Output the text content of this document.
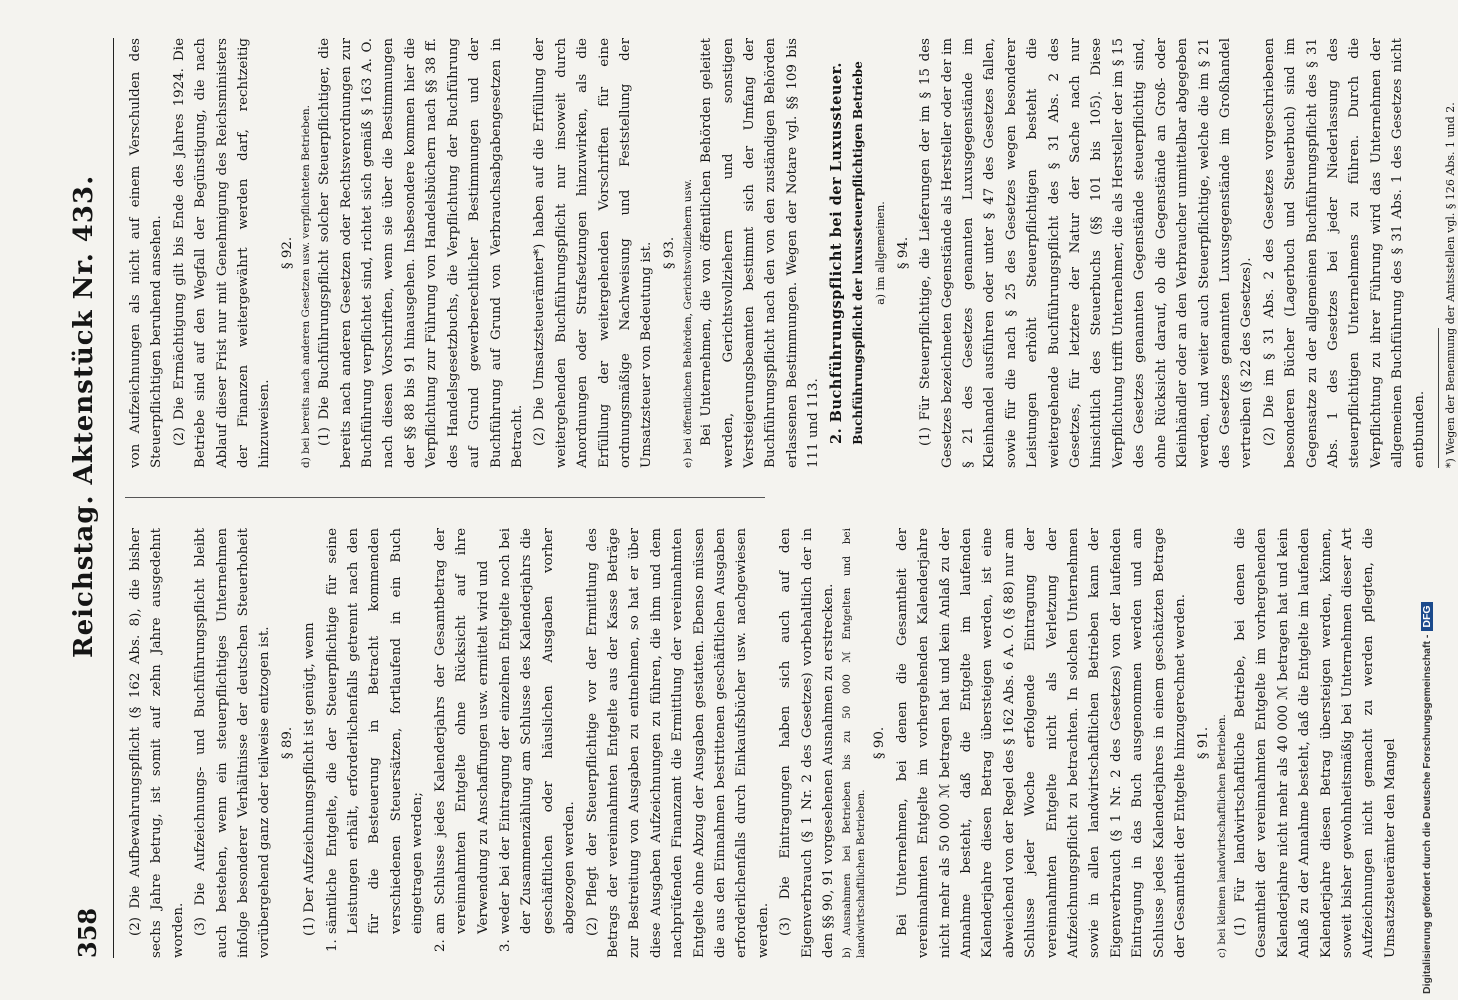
358
Reichstag. Aktenstück Nr. 433.

(2) Die Aufbewahrungspflicht (§ 162 Abs. 8), die bisher sechs Jahre betrug, ist somit auf zehn Jahre ausgedehnt worden. (3) Die Aufzeichnungs- und Buchführungspflicht bleibt auch bestehen, wenn ein steuerpflichtiges Unternehmen infolge besonderer Verhältnisse der deutschen Steuerhoheit vorübergehend ganz oder teilweise entzogen ist. § 89. (1) Der Aufzeichnungspflicht ist genügt, wenn

1.
sämtliche Entgelte, die der Steuerpflichtige für seine Leistungen erhält, erforderlichenfalls getrennt nach den für die Besteuerung in Betracht kommenden verschiedenen Steuersätzen, fortlaufend in ein Buch eingetragen werden;

2.
am Schlusse jedes Kalenderjahrs der Gesamtbetrag der vereinnahmten Entgelte ohne Rücksicht auf ihre Verwendung zu Anschaffungen usw. ermittelt wird und

3.
weder bei der Eintragung der einzelnen Entgelte noch bei der Zusammenzählung am Schlusse des Kalenderjahrs die geschäftlichen oder häuslichen Ausgaben vorher abgezogen werden. (2) Pflegt der Steuerpflichtige vor der Ermittlung des Betrags der vereinnahmten Entgelte aus der Kasse Beträge zur Bestreitung von Ausgaben zu entnehmen, so hat er über diese Ausgaben Aufzeichnungen zu führen, die ihm und dem nachprüfenden Finanzamt die Ermittlung der vereinnahmten Entgelte ohne Abzug der Ausgaben gestatten. Ebenso müssen die aus den Einnahmen bestrittenen geschäftlichen Ausgaben erforderlichenfalls durch Einkaufsbücher usw. nachgewiesen werden. (3) Die Eintragungen haben sich auch auf den Eigenverbrauch (§ 1 Nr. 2 des Gesetzes) vorbehaltlich der in den §§ 90, 91 vorgesehenen Ausnahmen zu erstrecken. b) Ausnahmen bei Betrieben bis zu 50 000 ℳ Entgelten und bei landwirtschaftlichen Betrieben.

§ 90. Bei Unternehmen, bei denen die Gesamtheit der vereinnahmten Entgelte im vorhergehenden Kalenderjahre nicht mehr als 50 000 ℳ betragen hat und kein Anlaß zu der Annahme besteht, daß die Entgelte im laufenden Kalenderjahre diesen Betrag übersteigen werden, ist eine abweichend von der Regel des § 162 Abs. 6 A. O. (§ 88) nur am Schlusse jeder Woche erfolgende Eintragung der vereinnahmten Entgelte nicht als Verletzung der Aufzeichnungspflicht zu betrachten. In solchen Unternehmen sowie in allen landwirtschaftlichen Betrieben kann der Eigenverbrauch (§ 1 Nr. 2 des Gesetzes) von der laufenden Eintragung in das Buch ausgenommen werden und am Schlusse jedes Kalenderjahres in einem geschätzten Betrage der Gesamtheit der Entgelte hinzugerechnet werden. § 91. c) bei kleinen landwirtschaftlichen Betrieben. (1) Für landwirtschaftliche Betriebe, bei denen die Gesamtheit der vereinnahmten Entgelte im vorhergehenden Kalenderjahre nicht mehr als 40 000 ℳ betragen hat und kein Anlaß zu der Annahme besteht, daß die Entgelte im laufenden Kalenderjahre diesen Betrag übersteigen werden, können, soweit bisher gewohnheitsmäßig bei Unternehmen dieser Art Aufzeichnungen nicht gemacht zu werden pflegten, die Umsatzsteuerämter den Mangel

von Aufzeichnungen als nicht auf einem Verschulden des Steuerpflichtigen beruhend ansehen. (2) Die Ermächtigung gilt bis Ende des Jahres 1924. Die Betriebe sind auf den Wegfall der Begünstigung, die nach Ablauf dieser Frist nur mit Genehmigung des Reichsministers der Finanzen weitergewährt werden darf, rechtzeitig hinzuweisen.

§ 92. d) bei bereits nach anderen Gesetzen usw. verpflichteten Betrieben. (1) Die Buchführungspflicht solcher Steuerpflichtiger, die bereits nach anderen Gesetzen oder Rechtsverordnungen zur Buchführung verpflichtet sind, richtet sich gemäß § 163 A. O. nach diesen Vorschriften, wenn sie über die Bestimmungen der §§ 88 bis 91 hinausgehen. Insbesondere kommen hier die Verpflichtung zur Führung von Handelsbüchern nach §§ 38 ff. des Handelsgesetzbuchs, die Verpflichtung der Buchführung auf Grund gewerberechtlicher Bestimmungen und der Buchführung auf Grund von Verbrauchsabgabengesetzen in Betracht. (2) Die Umsatzsteuerämter*) haben auf die Erfüllung der weitergehenden Buchführungspflicht nur insoweit durch Anordnungen oder Strafsetzungen hinzuwirken, als die Erfüllung der weitergehenden Vorschriften für eine ordnungsmäßige Nachweisung und Feststellung der Umsatzsteuer von Bedeutung ist. § 93. e) bei öffentlichen Behörden, Gerichtsvollziehern usw. Bei Unternehmen, die von öffentlichen Behörden geleitet werden, Gerichtsvollziehern und sonstigen Versteigerungsbeamten bestimmt sich der Umfang der Buchführungspflicht nach den von den zuständigen Behörden erlassenen Bestimmungen. Wegen der Notare vgl. §§ 109 bis 111 und 113. 2. Buchführungspflicht bei der Luxussteuer. Buchführungspflicht der luxussteuerpflichtigen Betriebe a) im allgemeinen. § 94. (1) Für Steuerpflichtige, die Lieferungen der im § 15 des Gesetzes bezeichneten Gegenstände als Hersteller oder der im § 21 des Gesetzes genannten Luxusgegenstände im Kleinhandel ausführen oder unter § 47 des Gesetzes fallen, sowie für die nach § 25 des Gesetzes wegen besonderer Leistungen erhöht Steuerpflichtigen besteht die weitergehende Buchführungspflicht des § 31 Abs. 2 des Gesetzes, für letztere der Natur der Sache nach nur hinsichtlich des Steuerbuchs (§§ 101 bis 105). Diese Verpflichtung trifft Unternehmer, die als Hersteller der im § 15 des Gesetzes genannten Gegenstände steuerpflichtig sind, ohne Rücksicht darauf, ob die Gegenstände an Groß- oder Kleinhändler oder an den Verbraucher unmittelbar abgegeben werden, und weiter auch Steuerpflichtige, welche die im § 21 des Gesetzes genannten Luxusgegenstände im Großhandel vertreiben (§ 22 des Gesetzes). (2) Die im § 31 Abs. 2 des Gesetzes vorgeschriebenen besonderen Bücher (Lagerbuch und Steuerbuch) sind im Gegensatze zu der allgemeinen Buchführungspflicht des § 31 Abs. 1 des Gesetzes bei jeder Niederlassung des steuerpflichtigen Unternehmens zu führen. Durch die Verpflichtung zu ihrer Führung wird das Unternehmen der allgemeinen Buchführung des § 31 Abs. 1 des Gesetzes nicht entbunden.	*) Wegen der Benennung der Amtsstellen vgl. § 126 Abs. 1 und 2.

Digitalisierung gefördert durch die Deutsche Forschungsgemeinschaft -DFG
